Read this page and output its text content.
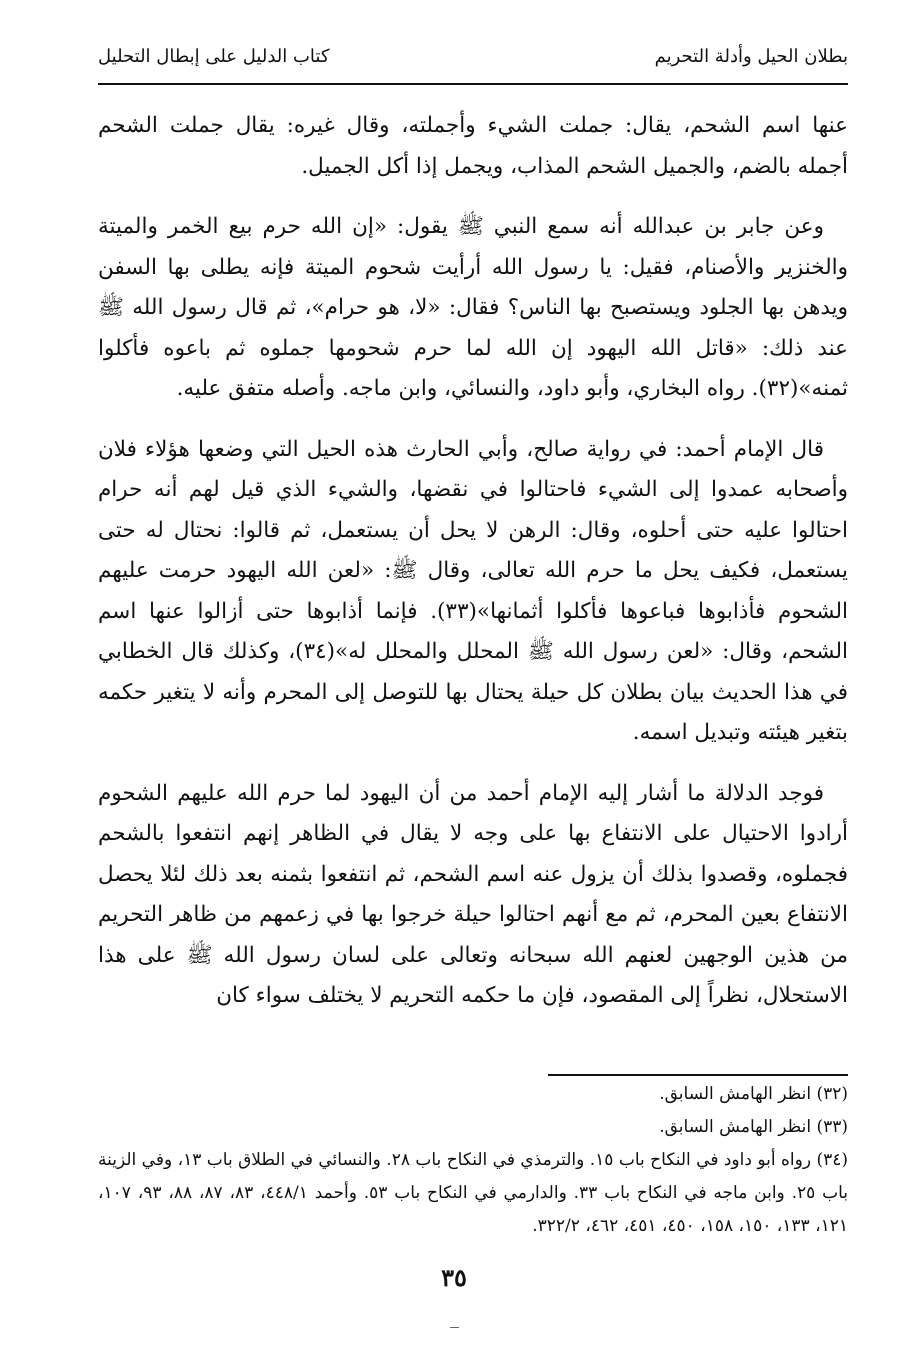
بطلان الحيل وأدلة التحريم
كتاب الدليل على إبطال التحليل

عنها اسم الشحم، يقال: جملت الشيء وأجملته، وقال غيره: يقال جملت الشحم أجمله بالضم، والجميل الشحم المذاب، ويجمل إذا أكل الجميل.

وعن جابر بن عبدالله أنه سمع النبي ﷺ يقول: «إن الله حرم بيع الخمر والميتة والخنزير والأصنام، فقيل: يا رسول الله أرأيت شحوم الميتة فإنه يطلى بها السفن ويدهن بها الجلود ويستصبح بها الناس؟ فقال: «لا، هو حرام»، ثم قال رسول الله ﷺ عند ذلك: «قاتل الله اليهود إن الله لما حرم شحومها جملوه ثم باعوه فأكلوا ثمنه»(٣٢). رواه البخاري، وأبو داود، والنسائي، وابن ماجه. وأصله متفق عليه.

قال الإمام أحمد: في رواية صالح، وأبي الحارث هذه الحيل التي وضعها هؤلاء فلان وأصحابه عمدوا إلى الشيء فاحتالوا في نقضها، والشيء الذي قيل لهم أنه حرام احتالوا عليه حتى أحلوه، وقال: الرهن لا يحل أن يستعمل، ثم قالوا: نحتال له حتى يستعمل، فكيف يحل ما حرم الله تعالى، وقال ﷺ: «لعن الله اليهود حرمت عليهم الشحوم فأذابوها فباعوها فأكلوا أثمانها»(٣٣). فإنما أذابوها حتى أزالوا عنها اسم الشحم، وقال: «لعن رسول الله ﷺ المحلل والمحلل له»(٣٤)، وكذلك قال الخطابي في هذا الحديث بيان بطلان كل حيلة يحتال بها للتوصل إلى المحرم وأنه لا يتغير حكمه بتغير هيئته وتبديل اسمه.

فوجد الدلالة ما أشار إليه الإمام أحمد من أن اليهود لما حرم الله عليهم الشحوم أرادوا الاحتيال على الانتفاع بها على وجه لا يقال في الظاهر إنهم انتفعوا بالشحم فجملوه، وقصدوا بذلك أن يزول عنه اسم الشحم، ثم انتفعوا بثمنه بعد ذلك لئلا يحصل الانتفاع بعين المحرم، ثم مع أنهم احتالوا حيلة خرجوا بها في زعمهم من ظاهر التحريم من هذين الوجهين لعنهم الله سبحانه وتعالى على لسان رسول الله ﷺ على هذا الاستحلال، نظراً إلى المقصود، فإن ما حكمه التحريم لا يختلف سواء كان

(٣٢) انظر الهامش السابق.

(٣٣) انظر الهامش السابق.

(٣٤) رواه أبو داود في النكاح باب ١٥. والترمذي في النكاح باب ٢٨. والنسائي في الطلاق باب ١٣، وفي الزينة باب ٢٥. وابن ماجه في النكاح باب ٣٣. والدارمي في النكاح باب ٥٣. وأحمد ٤٤٨/١، ٨٣، ٨٧، ٨٨، ٩٣، ١٠٧، ١٢١، ١٣٣، ١٥٠، ١٥٨، ٤٥٠، ٤٥١، ٤٦٢، ٣٢٢/٢.

٣٥
